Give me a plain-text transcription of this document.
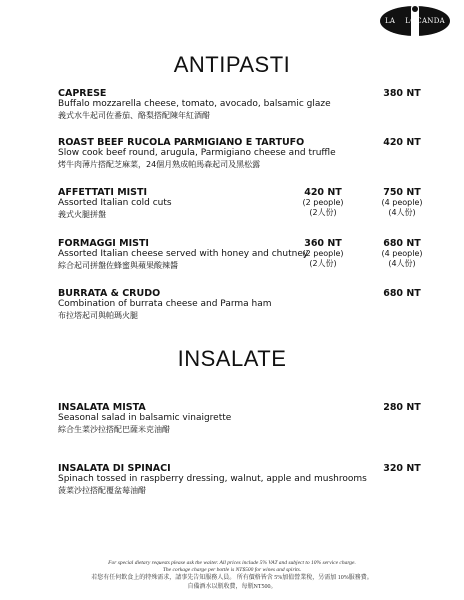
LA LOCANDA
ANTIPASTI
CAPRESE
Buffalo mozzarella cheese, tomato, avocado, balsamic glaze
義式水牛起司佐番茄、酪梨搭配陳年紅酒醋
380 NT
ROAST BEEF RUCOLA PARMIGIANO E TARTUFO
Slow cook beef round, arugula, Parmigiano cheese and truffle
烤牛肉薄片搭配芝麻菜，24個月熟成帕馬森起司及黑松露
420 NT
AFFETTATI MISTI
Assorted Italian cold cuts
義式火腿拼盤
420 NT
(2 people)
(2人份)
750 NT
(4 people)
(4人份)
FORMAGGI MISTI
Assorted Italian cheese served with honey and chutney
綜合起司拼盤佐蜂蜜與蘋果酸辣醬
360 NT
(2 people)
(2人份)
680 NT
(4 people)
(4人份)
BURRATA & CRUDO
Combination of burrata cheese and Parma ham
布拉塔起司與帕瑪火腿
680 NT
INSALATE
INSALATA MISTA
Seasonal salad in balsamic vinaigrette
綜合生菜沙拉搭配巴薩米克油醋
280 NT
INSALATA DI SPINACI
Spinach tossed in raspberry dressing, walnut, apple and mushrooms
菠菜沙拉搭配覆盆莓油醋
320 NT
For special dietary requests please ask the waiter. All prices include 5% VAT and subject to 10% service charge.
The corkage charge per bottle is NT$500 for wines and spirits.
若您有任何飲食上的特殊需求，請事先告知服務人員。 所有價格皆含 5%加值營業稅，另需加 10%服務費。
自備酒水以瓶收費，每瓶NT500。
